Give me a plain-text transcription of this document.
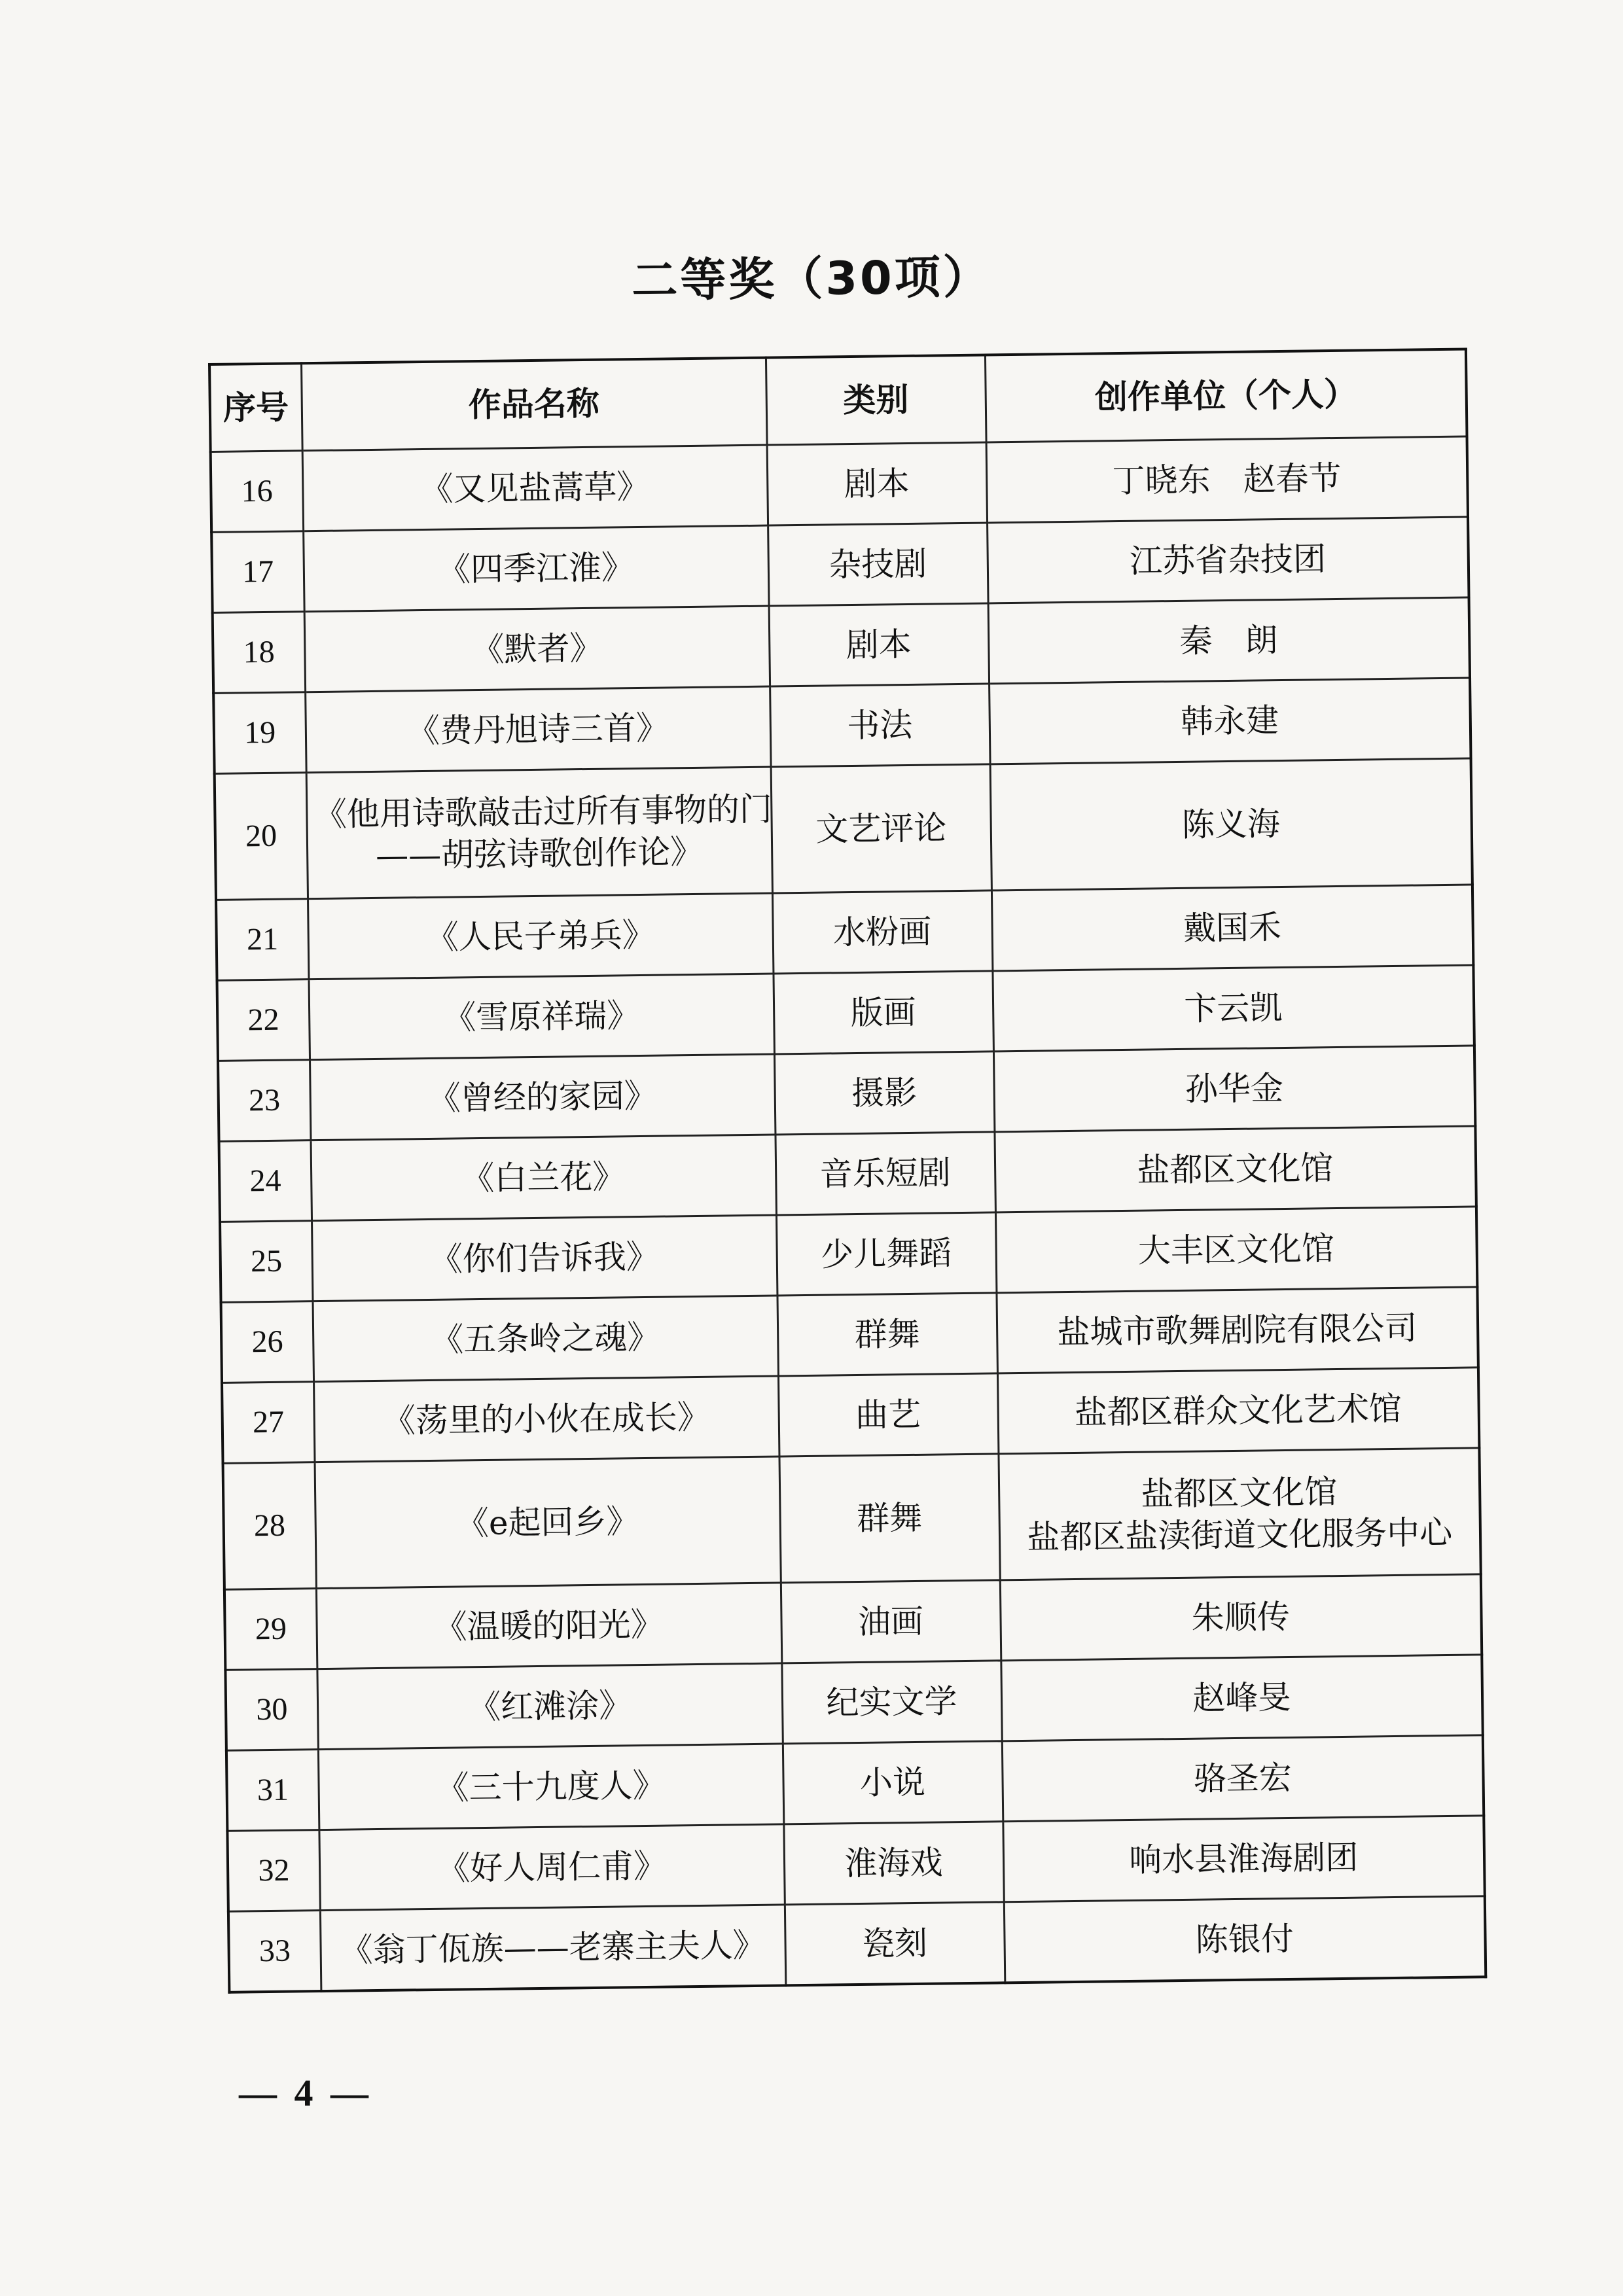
二等奖（30项）
序号	作品名称	类别	创作单位（个人）
16	《又见盐蒿草》	剧本	丁晓东　赵春节

17	《四季江淮》	杂技剧	江苏省杂技团

18	《默者》	剧本	秦　朗

19	《费丹旭诗三首》	书法	韩永建

20	《他用诗歌敲击过所有事物的门
——胡弦诗歌创作论》	文艺评论	陈义海

21	《人民子弟兵》	水粉画	戴国禾

22	《雪原祥瑞》	版画	卞云凯

23	《曾经的家园》	摄影	孙华金

24	《白兰花》	音乐短剧	盐都区文化馆

25	《你们告诉我》	少儿舞蹈	大丰区文化馆

26	《五条岭之魂》	群舞	盐城市歌舞剧院有限公司

27	《荡里的小伙在成长》	曲艺	盐都区群众文化艺术馆

28	《e起回乡》	群舞	盐都区文化馆
盐都区盐渎街道文化服务中心

29	《温暖的阳光》	油画	朱顺传

30	《红滩涂》	纪实文学	赵峰旻

31	《三十九度人》	小说	骆圣宏

32	《好人周仁甫》	淮海戏	响水县淮海剧团

33	《翁丁佤族——老寨主夫人》	瓷刻	陈银付
— 4 —
